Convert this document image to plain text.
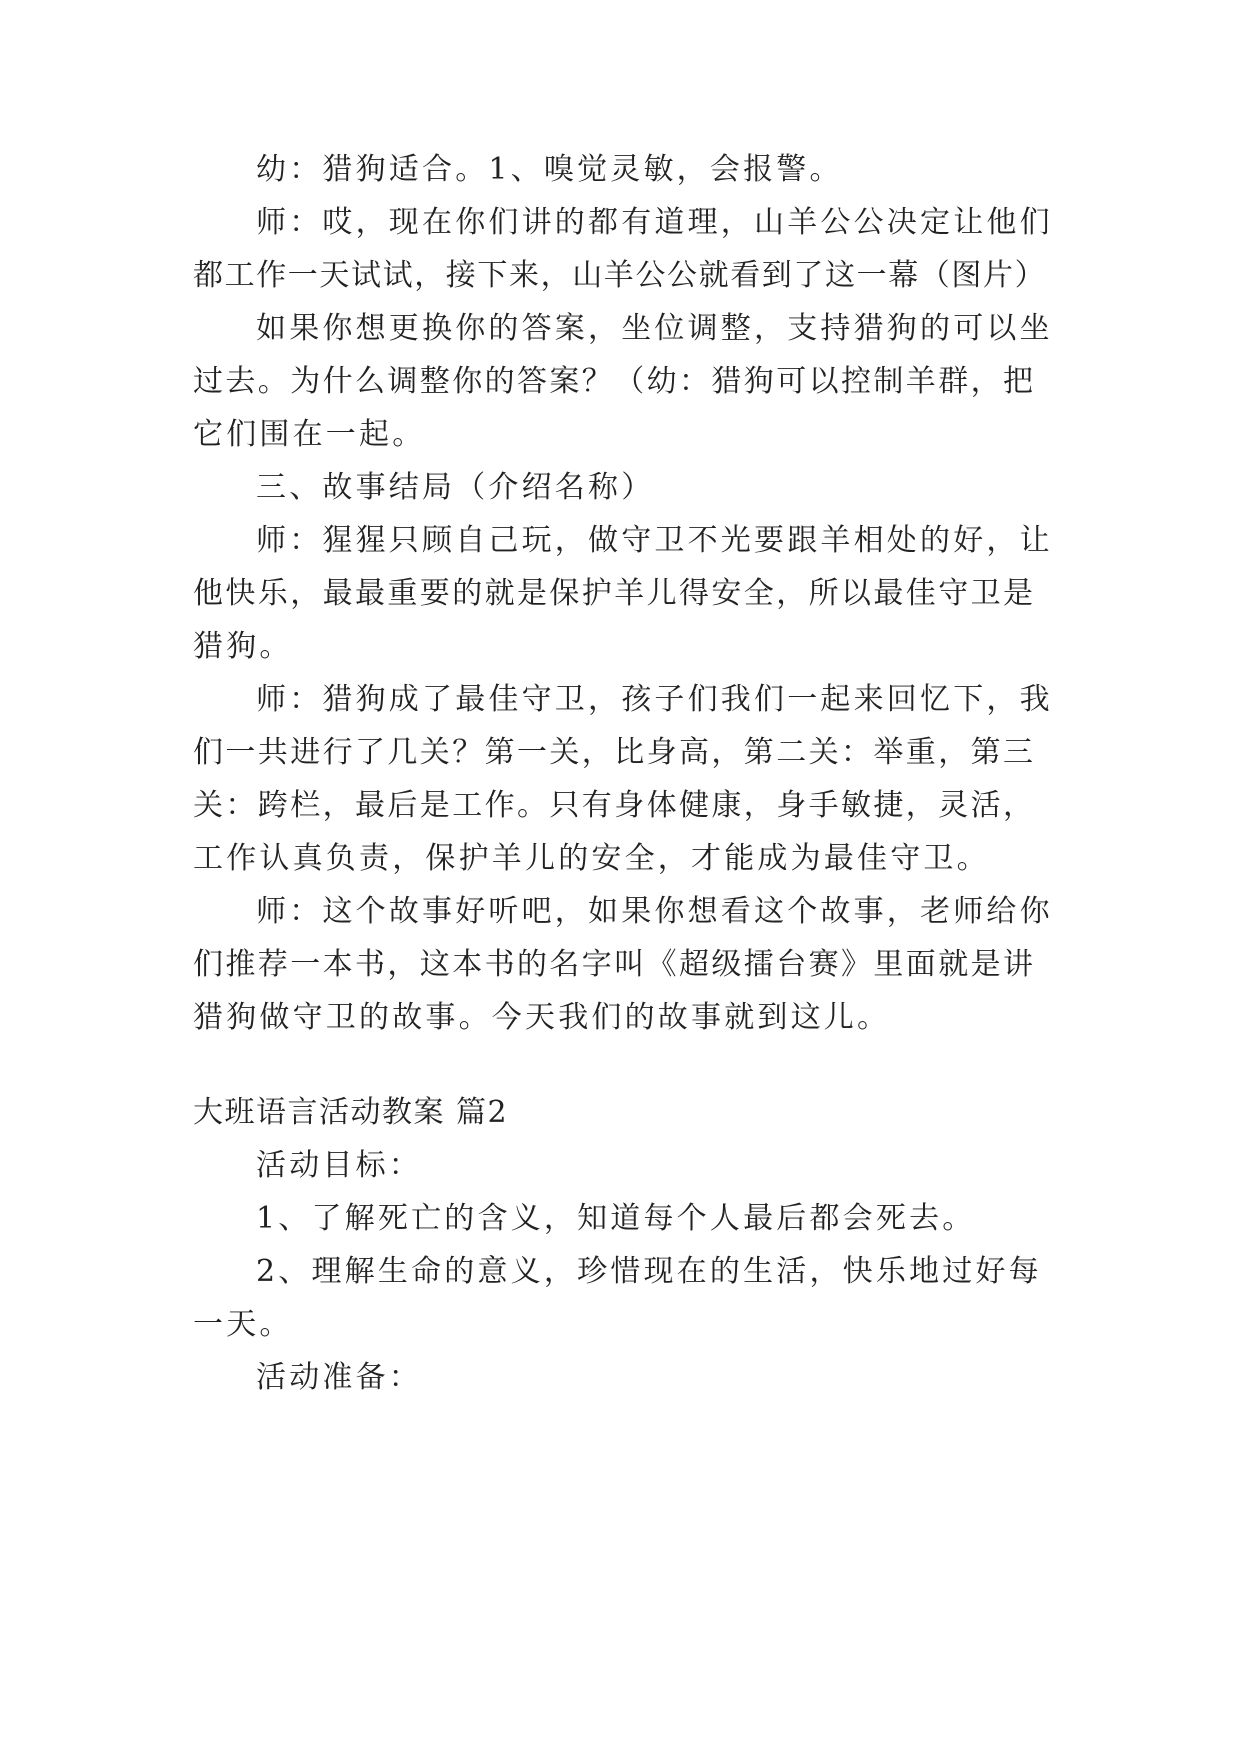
幼：猎狗适合。1、嗅觉灵敏，会报警。
师：哎，现在你们讲的都有道理，山羊公公决定让他们
都工作一天试试，接下来，山羊公公就看到了这一幕（图片）
如果你想更换你的答案，坐位调整，支持猎狗的可以坐
过去。为什么调整你的答案？（幼：猎狗可以控制羊群，把
它们围在一起。
三、故事结局（介绍名称）
师：猩猩只顾自己玩，做守卫不光要跟羊相处的好，让
他快乐，最最重要的就是保护羊儿得安全，所以最佳守卫是
猎狗。
师：猎狗成了最佳守卫，孩子们我们一起来回忆下，我
们一共进行了几关？第一关，比身高，第二关：举重，第三
关：跨栏，最后是工作。只有身体健康，身手敏捷，灵活，
工作认真负责，保护羊儿的安全，才能成为最佳守卫。
师：这个故事好听吧，如果你想看这个故事，老师给你
们推荐一本书，这本书的名字叫《超级擂台赛》里面就是讲
猎狗做守卫的故事。今天我们的故事就到这儿。
大班语言活动教案 篇2
活动目标：
1、了解死亡的含义，知道每个人最后都会死去。
2、理解生命的意义，珍惜现在的生活，快乐地过好每
一天。
活动准备：
